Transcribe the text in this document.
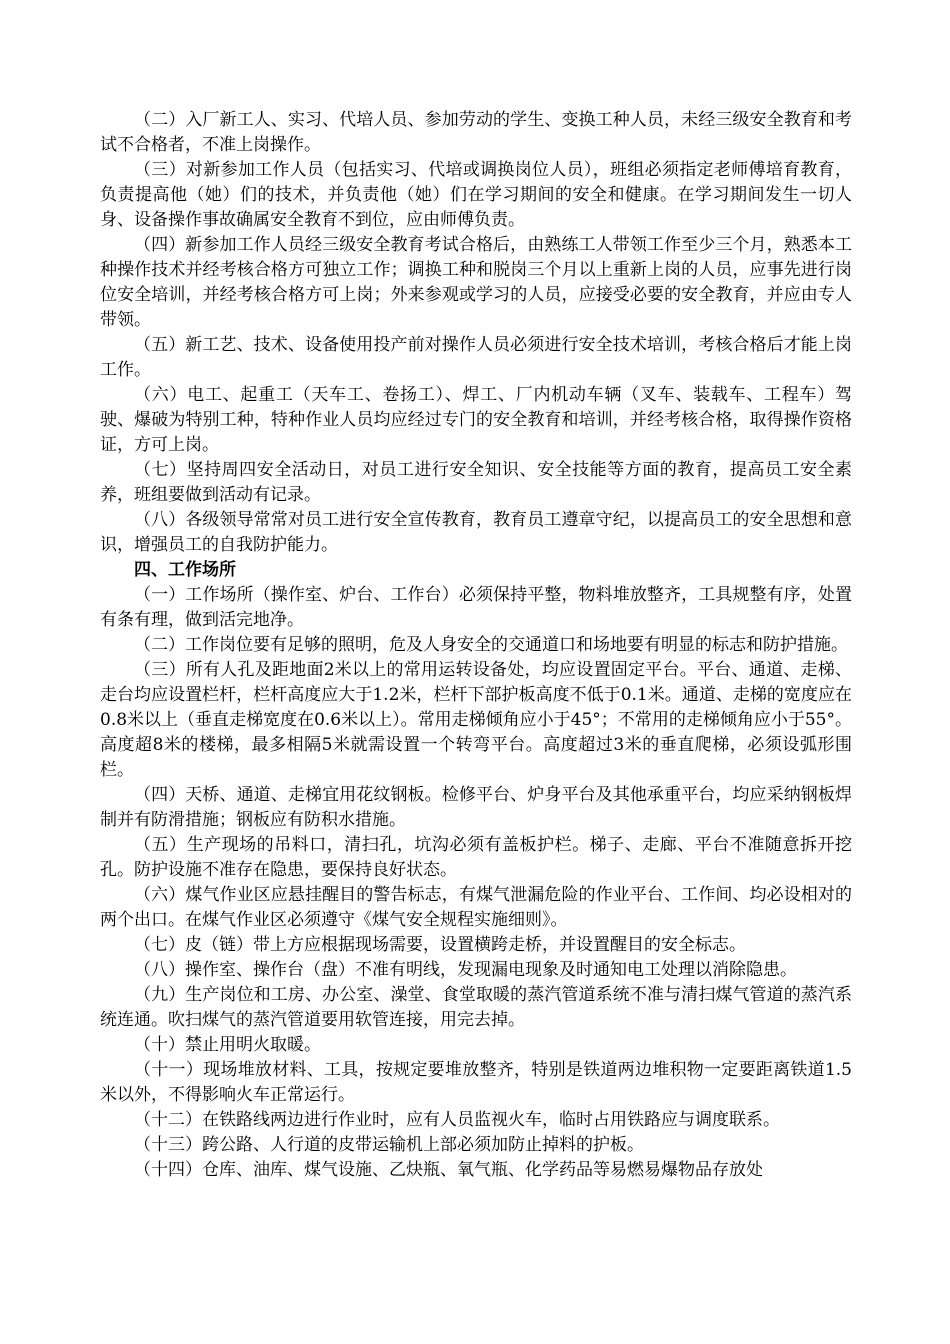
（二）入厂新工人、实习、代培人员、参加劳动的学生、变换工种人员，未经三级安全教育和考试不合格者，不准上岗操作。

（三）对新参加工作人员（包括实习、代培或调换岗位人员），班组必须指定老师傅培育教育，负责提高他（她）们的技术，并负责他（她）们在学习期间的安全和健康。在学习期间发生一切人身、设备操作事故确属安全教育不到位，应由师傅负责。

（四）新参加工作人员经三级安全教育考试合格后，由熟练工人带领工作至少三个月，熟悉本工种操作技术并经考核合格方可独立工作；调换工种和脱岗三个月以上重新上岗的人员，应事先进行岗位安全培训，并经考核合格方可上岗；外来参观或学习的人员，应接受必要的安全教育，并应由专人带领。

（五）新工艺、技术、设备使用投产前对操作人员必须进行安全技术培训，考核合格后才能上岗工作。

（六）电工、起重工（天车工、卷扬工）、焊工、厂内机动车辆（叉车、装载车、工程车）驾驶、爆破为特别工种，特种作业人员均应经过专门的安全教育和培训，并经考核合格，取得操作资格证，方可上岗。

（七）坚持周四安全活动日，对员工进行安全知识、安全技能等方面的教育，提高员工安全素养，班组要做到活动有记录。

（八）各级领导常常对员工进行安全宣传教育，教育员工遵章守纪，以提高员工的安全思想和意识，增强员工的自我防护能力。

四、工作场所

（一）工作场所（操作室、炉台、工作台）必须保持平整，物料堆放整齐，工具规整有序，处置有条有理，做到活完地净。

（二）工作岗位要有足够的照明，危及人身安全的交通道口和场地要有明显的标志和防护措施。

（三）所有人孔及距地面2米以上的常用运转设备处，均应设置固定平台。平台、通道、走梯、走台均应设置栏杆，栏杆高度应大于1.2米，栏杆下部护板高度不低于0.1米。通道、走梯的宽度应在0.8米以上（垂直走梯宽度在0.6米以上）。常用走梯倾角应小于45°；不常用的走梯倾角应小于55°。高度超8米的楼梯，最多相隔5米就需设置一个转弯平台。高度超过3米的垂直爬梯，必须设弧形围栏。

（四）天桥、通道、走梯宜用花纹钢板。检修平台、炉身平台及其他承重平台，均应采纳钢板焊制并有防滑措施；钢板应有防积水措施。

（五）生产现场的吊料口，清扫孔，坑沟必须有盖板护栏。梯子、走廊、平台不准随意拆开挖孔。防护设施不准存在隐患，要保持良好状态。

（六）煤气作业区应悬挂醒目的警告标志，有煤气泄漏危险的作业平台、工作间、均必设相对的两个出口。在煤气作业区必须遵守《煤气安全规程实施细则》。

（七）皮（链）带上方应根据现场需要，设置横跨走桥，并设置醒目的安全标志。

（八）操作室、操作台（盘）不准有明线，发现漏电现象及时通知电工处理以消除隐患。

（九）生产岗位和工房、办公室、澡堂、食堂取暖的蒸汽管道系统不准与清扫煤气管道的蒸汽系统连通。吹扫煤气的蒸汽管道要用软管连接，用完去掉。

（十）禁止用明火取暖。

（十一）现场堆放材料、工具，按规定要堆放整齐，特别是铁道两边堆积物一定要距离铁道1.5米以外，不得影响火车正常运行。

（十二）在铁路线两边进行作业时，应有人员监视火车，临时占用铁路应与调度联系。

（十三）跨公路、人行道的皮带运输机上部必须加防止掉料的护板。

（十四）仓库、油库、煤气设施、乙炔瓶、氧气瓶、化学药品等易燃易爆物品存放处
